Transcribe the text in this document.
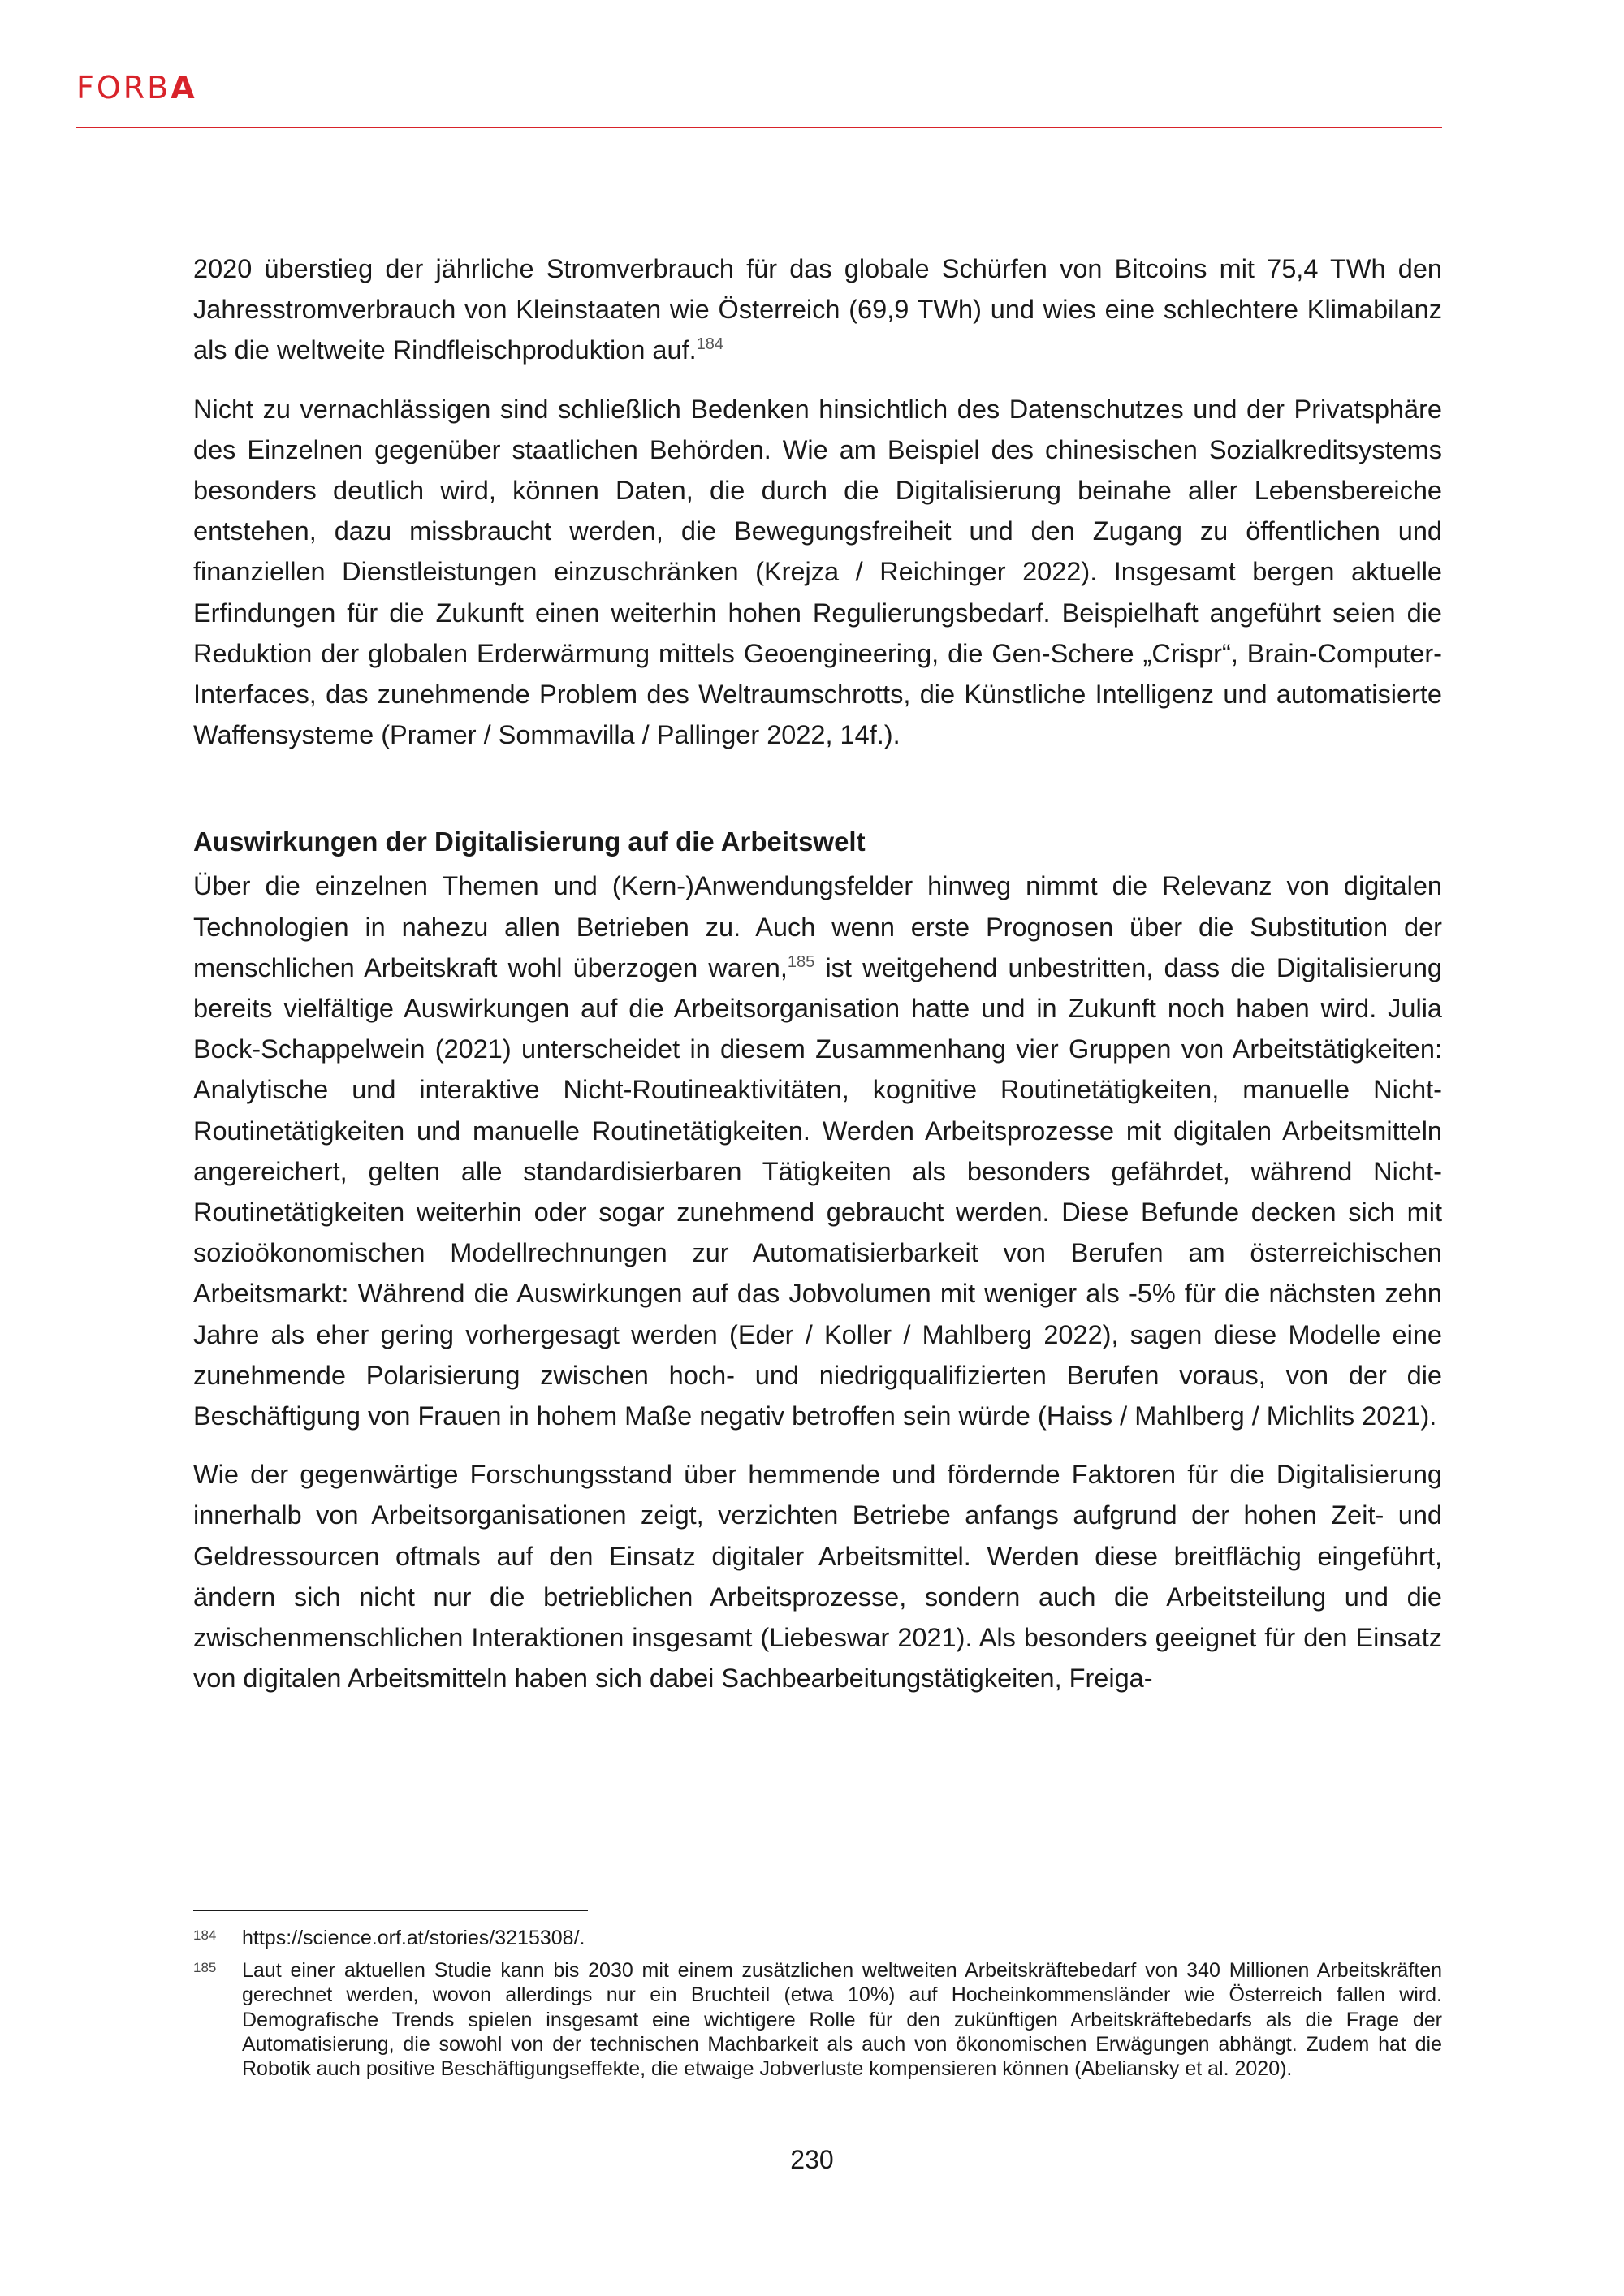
FORBA

2020 überstieg der jährliche Stromverbrauch für das globale Schürfen von Bitcoins mit 75,4 TWh den Jahresstromverbrauch von Kleinstaaten wie Österreich (69,9 TWh) und wies eine schlechtere Klimabilanz als die weltweite Rindfleischproduktion auf.$^{184}$

Nicht zu vernachlässigen sind schließlich Bedenken hinsichtlich des Datenschutzes und der Privatsphäre des Einzelnen gegenüber staatlichen Behörden. Wie am Beispiel des chinesischen Sozialkreditsystems besonders deutlich wird, können Daten, die durch die Digitalisierung beinahe aller Lebensbereiche entstehen, dazu missbraucht werden, die Bewegungsfreiheit und den Zugang zu öffentlichen und finanziellen Dienstleistungen einzuschränken (Krejza / Reichinger 2022). Insgesamt bergen aktuelle Erfindungen für die Zukunft einen weiterhin hohen Regulierungsbedarf. Beispielhaft angeführt seien die Reduktion der globalen Erderwärmung mittels Geoengineering, die Gen-Schere „Crispr“, Brain-Computer-Interfaces, das zunehmende Problem des Weltraumschrotts, die Künstliche Intelligenz und automatisierte Waffensysteme (Pramer / Sommavilla / Pallinger 2022, 14f.).

Auswirkungen der Digitalisierung auf die Arbeitswelt

Über die einzelnen Themen und (Kern-)Anwendungsfelder hinweg nimmt die Relevanz von digitalen Technologien in nahezu allen Betrieben zu. Auch wenn erste Prognosen über die Substitution der menschlichen Arbeitskraft wohl überzogen waren,$^{185}$ ist weitgehend unbestritten, dass die Digitalisierung bereits vielfältige Auswirkungen auf die Arbeitsorganisation hatte und in Zukunft noch haben wird. Julia Bock-Schappelwein (2021) unterscheidet in diesem Zusammenhang vier Gruppen von Arbeitstätigkeiten: Analytische und interaktive Nicht-Routineaktivitäten, kognitive Routinetätigkeiten, manuelle Nicht-Routinetätigkeiten und manuelle Routinetätigkeiten. Werden Arbeitsprozesse mit digitalen Arbeitsmitteln angereichert, gelten alle standardisierbaren Tätigkeiten als besonders gefährdet, während Nicht-Routinetätigkeiten weiterhin oder sogar zunehmend gebraucht werden. Diese Befunde decken sich mit sozioökonomischen Modellrechnungen zur Automatisierbarkeit von Berufen am österreichischen Arbeitsmarkt: Während die Auswirkungen auf das Jobvolumen mit weniger als -5% für die nächsten zehn Jahre als eher gering vorhergesagt werden (Eder / Koller / Mahlberg 2022), sagen diese Modelle eine zunehmende Polarisierung zwischen hoch- und niedrigqualifizierten Berufen voraus, von der die Beschäftigung von Frauen in hohem Maße negativ betroffen sein würde (Haiss / Mahlberg / Michlits 2021).

Wie der gegenwärtige Forschungsstand über hemmende und fördernde Faktoren für die Digitalisierung innerhalb von Arbeitsorganisationen zeigt, verzichten Betriebe anfangs aufgrund der hohen Zeit- und Geldressourcen oftmals auf den Einsatz digitaler Arbeitsmittel. Werden diese breitflächig eingeführt, ändern sich nicht nur die betrieblichen Arbeitsprozesse, sondern auch die Arbeitsteilung und die zwischenmenschlichen Interaktionen insgesamt (Liebeswar 2021). Als besonders geeignet für den Einsatz von digitalen Arbeitsmitteln haben sich dabei Sachbearbeitungstätigkeiten, Freiga-

184	https://science.orf.at/stories/3215308/.
185	Laut einer aktuellen Studie kann bis 2030 mit einem zusätzlichen weltweiten Arbeitskräftebedarf von 340 Millionen Arbeitskräften gerechnet werden, wovon allerdings nur ein Bruchteil (etwa 10%) auf Hocheinkommensländer wie Österreich fallen wird. Demografische Trends spielen insgesamt eine wichtigere Rolle für den zukünftigen Arbeitskräftebedarfs als die Frage der Automatisierung, die sowohl von der technischen Machbarkeit als auch von ökonomischen Erwägungen abhängt. Zudem hat die Robotik auch positive Beschäftigungseffekte, die etwaige Jobverluste kompensieren können (Abeliansky et al. 2020).
230
